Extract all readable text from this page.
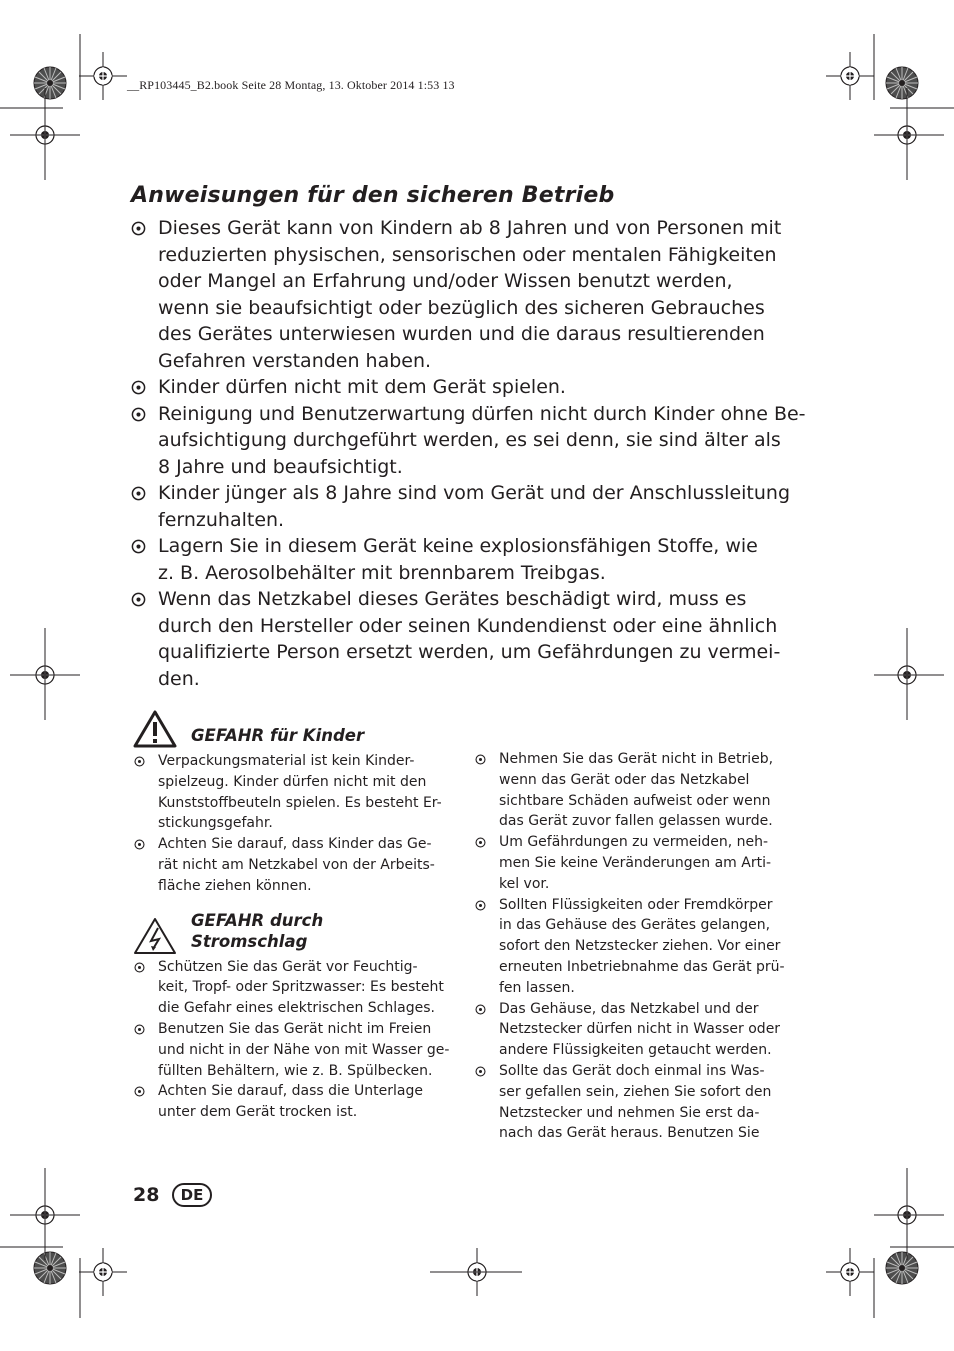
__RP103445_B2.book Seite 28 Montag, 13. Oktober 2014 1:53 13
Anweisungen für den sicheren Betrieb
Dieses Gerät kann von Kindern ab 8 Jahren und von Personen mit
reduzierten physischen, sensorischen oder mentalen Fähigkeiten
oder Mangel an Erfahrung und/oder Wissen benutzt werden,
wenn sie beaufsichtigt oder bezüglich des sicheren Gebrauches
des Gerätes unterwiesen wurden und die daraus resultierenden
Gefahren verstanden haben.
Kinder dürfen nicht mit dem Gerät spielen.
Reinigung und Benutzerwartung dürfen nicht durch Kinder ohne Be-
aufsichtigung durchgeführt werden, es sei denn, sie sind älter als
8 Jahre und beaufsichtigt.
Kinder jünger als 8 Jahre sind vom Gerät und der Anschlussleitung
fernzuhalten.
Lagern Sie in diesem Gerät keine explosionsfähigen Stoffe, wie
z. B. Aerosolbehälter mit brennbarem Treibgas.
Wenn das Netzkabel dieses Gerätes beschädigt wird, muss es
durch den Hersteller oder seinen Kundendienst oder eine ähnlich
qualifizierte Person ersetzt werden, um Gefährdungen zu vermei-
den.
GEFAHR für Kinder
Verpackungsmaterial ist kein Kinder-
spielzeug. Kinder dürfen nicht mit den
Kunststoffbeuteln spielen. Es besteht Er-
stickungsgefahr.
Achten Sie darauf, dass Kinder das Ge-
rät nicht am Netzkabel von der Arbeits-
fläche ziehen können.
GEFAHR durch
Stromschlag
Schützen Sie das Gerät vor Feuchtig-
keit, Tropf- oder Spritzwasser: Es besteht
die Gefahr eines elektrischen Schlages.
Benutzen Sie das Gerät nicht im Freien
und nicht in der Nähe von mit Wasser ge-
füllten Behältern, wie z. B. Spülbecken.
Achten Sie darauf, dass die Unterlage
unter dem Gerät trocken ist.
Nehmen Sie das Gerät nicht in Betrieb,
wenn das Gerät oder das Netzkabel
sichtbare Schäden aufweist oder wenn
das Gerät zuvor fallen gelassen wurde.
Um Gefährdungen zu vermeiden, neh-
men Sie keine Veränderungen am Arti-
kel vor.
Sollten Flüssigkeiten oder Fremdkörper
in das Gehäuse des Gerätes gelangen,
sofort den Netzstecker ziehen. Vor einer
erneuten Inbetriebnahme das Gerät prü-
fen lassen.
Das Gehäuse, das Netzkabel und der
Netzstecker dürfen nicht in Wasser oder
andere Flüssigkeiten getaucht werden.
Sollte das Gerät doch einmal ins Was-
ser gefallen sein, ziehen Sie sofort den
Netzstecker und nehmen Sie erst da-
nach das Gerät heraus. Benutzen Sie
28	DE
